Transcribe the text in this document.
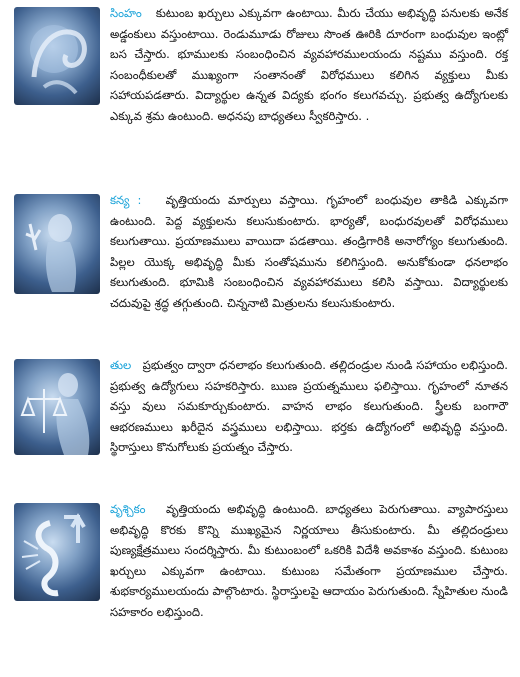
సింహం కుటుంబ ఖర్చులు ఎక్కువగా ఉంటాయి. మీరు చేయు అభివృద్ధి పనులకు అనేక అడ్డంకులు వస్తుంటాయి. రెండుమూడు రోజులు సొంత ఊరికి దూరంగా బంధువుల ఇంట్లో బస చేస్తారు. భూములకు సంబంధించిన వ్యవహారములయందు నష్టము వస్తుంది. రక్త సంబంధీకులతో ముఖ్యంగా సంతానంతో విరోధములు కలిగిన వ్యక్తులు మీకు సహాయపడతారు. విద్యార్థుల ఉన్నత విద్యకు భంగం కలుగవచ్చు. ప్రభుత్వ ఉద్యోగులకు ఎక్కువ శ్రమ ఉంటుంది. అధనపు బాధ్యతలు స్వీకరిస్తారు. .

కన్య : వృత్తియందు మార్పులు వస్తాయి. గృహంలో బంధువుల తాకిడి ఎక్కువగా ఉంటుంది. పెద్ద వ్యక్తులను కలుసుకుంటారు. భార్యతో, బంధురవులతో విరోధములు కలుగుతాయి. ప్రయాణములు వాయిదా పడతాయి. తండ్రిగారికి అనారోగ్యం కలుగుతుంది. పిల్లల యొక్క అభివృద్ధి మీకు సంతోషమును కలిగిస్తుంది. అనుకోకుండా ధనలాభం కలుగుతుంది. భూమికి సంబంధించిన వ్యవహారములు కలిసి వస్తాయి. విద్యార్థులకు చదువుపై శ్రద్ధ తగ్గుతుంది. చిన్ననాటి మిత్రులను కలుసుకుంటారు.

తుల ప్రభుత్వం ద్వారా ధనలాభం కలుగుతుంది. తల్లిదండ్రుల నుండి సహాయం లభిస్తుంది. ప్రభుత్వ ఉద్యోగులు సహకరిస్తారు. ఋణ ప్రయత్నములు ఫలిస్తాయి. గృహంలో నూతన వస్తు వులు సమకూర్చుకుంటారు. వాహన లాభం కలుగుతుంది. స్త్రీలకు బంగారౌ ఆభరణములు ఖరీదైన వస్త్రములు లభిస్తాయి. భర్తకు ఉద్యోగంలో అభివృద్ధి వస్తుంది. స్థిరాస్తులు కొనుగోలుకు ప్రయత్నం చేస్తారు.

వృశ్చికం వృత్తియందు అభివృద్ధి ఉంటుంది. బాధ్యతలు పెరుగుతాయి. వ్యాపారస్తులు అభివృద్ధి కొరకు కొన్ని ముఖ్యమైన నిర్ణయాలు తీసుకుంటారు. మీ తల్లిదండ్రులు పుణ్యక్షేత్రములు సందర్శిస్తారు. మీ కుటుంబంలో ఒకరికి విదేశీ అవకాశం వస్తుంది. కుటుంబ ఖర్చులు ఎక్కువగా ఉంటాయి. కుటుంబ సమేతంగా ప్రయాణముల చేస్తారు. శుభకార్యములయందు పాల్గొంటారు. స్థిరాస్తులపై ఆదాయం పెరుగుతుంది. స్నేహితుల నుండి సహకారం లభిస్తుంది.
